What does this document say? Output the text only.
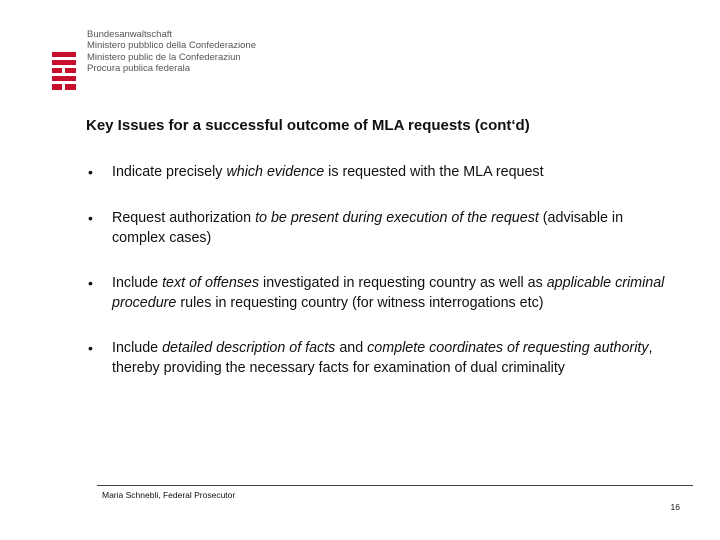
Bundesanwaltschaft
Ministero pubblico della Confederazione
Ministero public de la Confederaziun
Procura publica federala
Key Issues for a successful outcome of MLA requests (cont‘d)
• Indicate precisely which evidence is requested with the MLA request
• Request authorization to be present during execution of the request (advisable in complex cases)
• Include text of offenses investigated in requesting country as well as applicable criminal procedure rules in requesting country (for witness interrogations etc)
• Include detailed description of facts and complete coordinates of requesting authority, thereby providing the necessary facts for examination of dual criminality
Maria Schnebli, Federal Prosecutor
16
